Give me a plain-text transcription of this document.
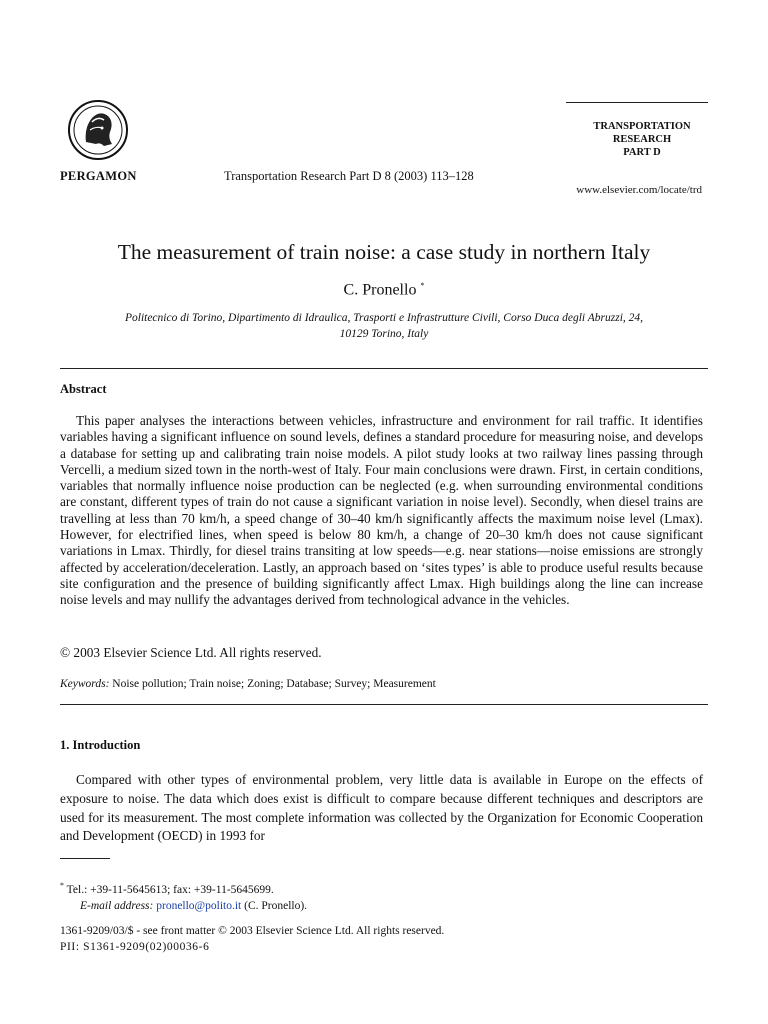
PERGAMON	Transportation Research Part D 8 (2003) 113–128
TRANSPORTATION
RESEARCH
PART D
www.elsevier.com/locate/trd
The measurement of train noise: a case study in northern Italy
C. Pronello *
Politecnico di Torino, Dipartimento di Idraulica, Trasporti e Infrastrutture Civili, Corso Duca degli Abruzzi, 24,
10129 Torino, Italy
Abstract
This paper analyses the interactions between vehicles, infrastructure and environment for rail traffic. It identifies variables having a significant influence on sound levels, defines a standard procedure for measuring noise, and develops a database for setting up and calibrating train noise models. A pilot study looks at two railway lines passing through Vercelli, a medium sized town in the north-west of Italy. Four main conclusions were drawn. First, in certain conditions, variables that normally influence noise production can be neglected (e.g. when surrounding environmental conditions are constant, different types of train do not cause a significant variation in noise level). Secondly, when diesel trains are travelling at less than 70 km/h, a speed change of 30–40 km/h significantly affects the maximum noise level (Lmax). However, for electrified lines, when speed is below 80 km/h, a change of 20–30 km/h does not cause significant variations in Lmax. Thirdly, for diesel trains transiting at low speeds—e.g. near stations—noise emissions are strongly affected by acceleration/deceleration. Lastly, an approach based on ‘sites types’ is able to produce useful results because site configuration and the presence of building significantly affect Lmax. High buildings along the line can increase noise levels and may nullify the advantages derived from technological advance in the vehicles.
© 2003 Elsevier Science Ltd. All rights reserved.
Keywords: Noise pollution; Train noise; Zoning; Database; Survey; Measurement
1. Introduction
Compared with other types of environmental problem, very little data is available in Europe on the effects of exposure to noise. The data which does exist is difficult to compare because different techniques and descriptors are used for its measurement. The most complete information was collected by the Organization for Economic Cooperation and Development (OECD) in 1993 for
* Tel.: +39-11-5645613; fax: +39-11-5645699.
E-mail address: pronello@polito.it (C. Pronello).
1361-9209/03/$ - see front matter © 2003 Elsevier Science Ltd. All rights reserved.
PII: S1361-9209(02)00036-6
